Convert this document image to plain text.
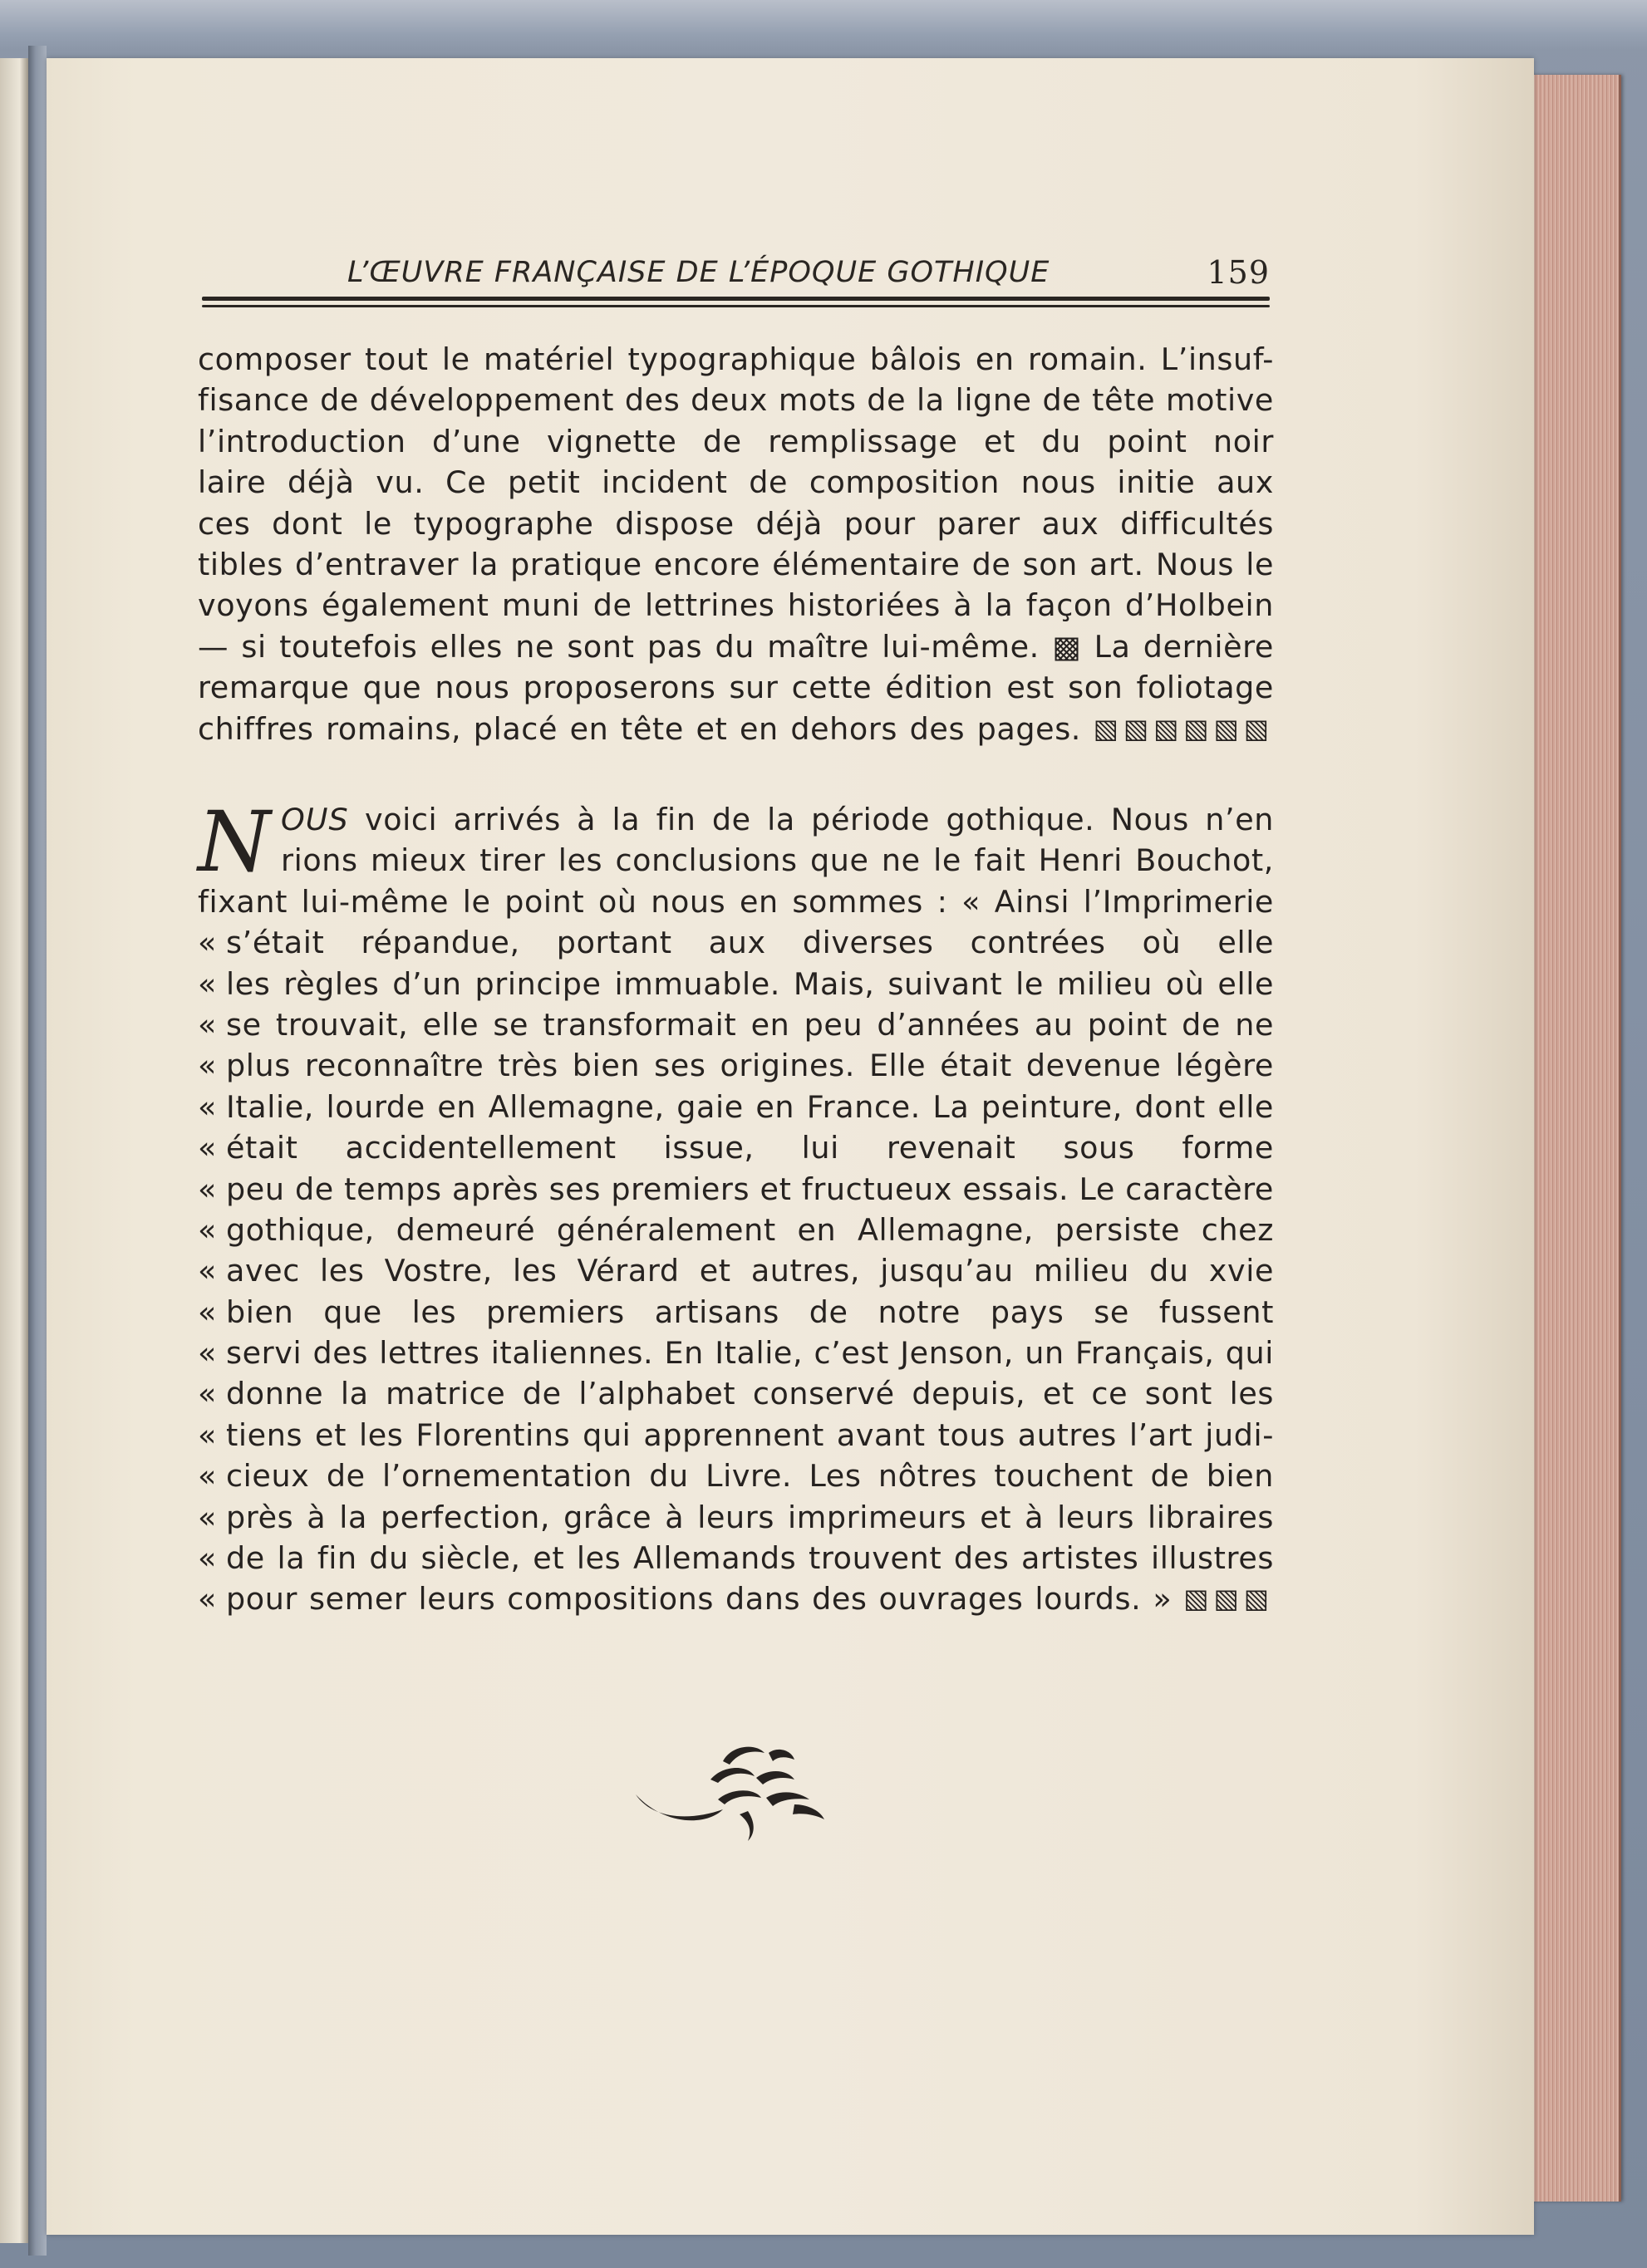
L’ŒUVRE FRANÇAISE DE L’ÉPOQUE GOTHIQUE	159
composer tout le matériel typographique bâlois en romain. L’insuf-
fisance de développement des deux mots de la ligne de tête motive
l’introduction d’une vignette de remplissage et du point noir
laire déjà vu. Ce petit incident de composition nous initie aux
ces dont le typographe dispose déjà pour parer aux difficultés
tibles d’entraver la pratique encore élémentaire de son art. Nous le
voyons également muni de lettrines historiées à la façon d’Holbein
— si toutefois elles ne sont pas du maître lui-même. ▩ La dernière
remarque que nous proposerons sur cette édition est son foliotage
chiffres romains, placé en tête et en dehors des pages. ▧▧▧▧▧▧
N OUS voici arrivés à la fin de la période gothique. Nous n’en
rions mieux tirer les conclusions que ne le fait Henri Bouchot,
fixant lui-même le point où nous en sommes : « Ainsi l’Imprimerie
« s’était répandue, portant aux diverses contrées où elle
« les règles d’un principe immuable. Mais, suivant le milieu où elle
« se trouvait, elle se transformait en peu d’années au point de ne
« plus reconnaître très bien ses origines. Elle était devenue légère
« Italie, lourde en Allemagne, gaie en France. La peinture, dont elle
« était accidentellement issue, lui revenait sous forme
« peu de temps après ses premiers et fructueux essais. Le caractère
« gothique, demeuré généralement en Allemagne, persiste chez
« avec les Vostre, les Vérard et autres, jusqu’au milieu du xvie
« bien que les premiers artisans de notre pays se fussent
« servi des lettres italiennes. En Italie, c’est Jenson, un Français, qui
« donne la matrice de l’alphabet conservé depuis, et ce sont les
« tiens et les Florentins qui apprennent avant tous autres l’art judi-
« cieux de l’ornementation du Livre. Les nôtres touchent de bien
« près à la perfection, grâce à leurs imprimeurs et à leurs libraires
« de la fin du siècle, et les Allemands trouvent des artistes illustres
« pour semer leurs compositions dans des ouvrages lourds. » ▧▧▧
